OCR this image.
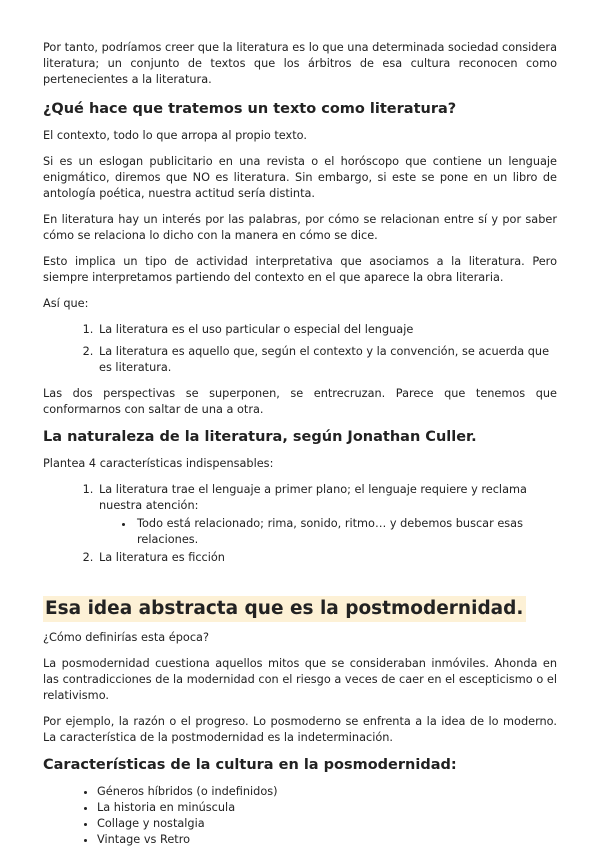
Por tanto, podríamos creer que la literatura es lo que una determinada sociedad considera literatura; un conjunto de textos que los árbitros de esa cultura reconocen como pertenecientes a la literatura.

¿Qué hace que tratemos un texto como literatura?

El contexto, todo lo que arropa al propio texto.

Si es un eslogan publicitario en una revista o el horóscopo que contiene un lenguaje enigmático, diremos que NO es literatura. Sin embargo, si este se pone en un libro de antología poética, nuestra actitud sería distinta.

En literatura hay un interés por las palabras, por cómo se relacionan entre sí y por saber cómo se relaciona lo dicho con la manera en cómo se dice.

Esto implica un tipo de actividad interpretativa que asociamos a la literatura. Pero siempre interpretamos partiendo del contexto en el que aparece la obra literaria.

Así que:

1. La literatura es el uso particular o especial del lenguaje
2. La literatura es aquello que, según el contexto y la convención, se acuerda que es literatura.

Las dos perspectivas se superponen, se entrecruzan. Parece que tenemos que conformarnos con saltar de una a otra.

La naturaleza de la literatura, según Jonathan Culler.

Plantea 4 características indispensables:

1. La literatura trae el lenguaje a primer plano; el lenguaje requiere y reclama nuestra atención:
• Todo está relacionado; rima, sonido, ritmo… y debemos buscar esas relaciones.
2. La literatura es ficción
Esa idea abstracta que es la postmodernidad.

¿Cómo definirías esta época?

La posmodernidad cuestiona aquellos mitos que se consideraban inmóviles. Ahonda en las contradicciones de la modernidad con el riesgo a veces de caer en el escepticismo o el relativismo.

Por ejemplo, la razón o el progreso. Lo posmoderno se enfrenta a la idea de lo moderno. La característica de la postmodernidad es la indeterminación.

Características de la cultura en la posmodernidad:
• Géneros híbridos (o indefinidos)
• La historia en minúscula
• Collage y nostalgia
• Vintage vs Retro
